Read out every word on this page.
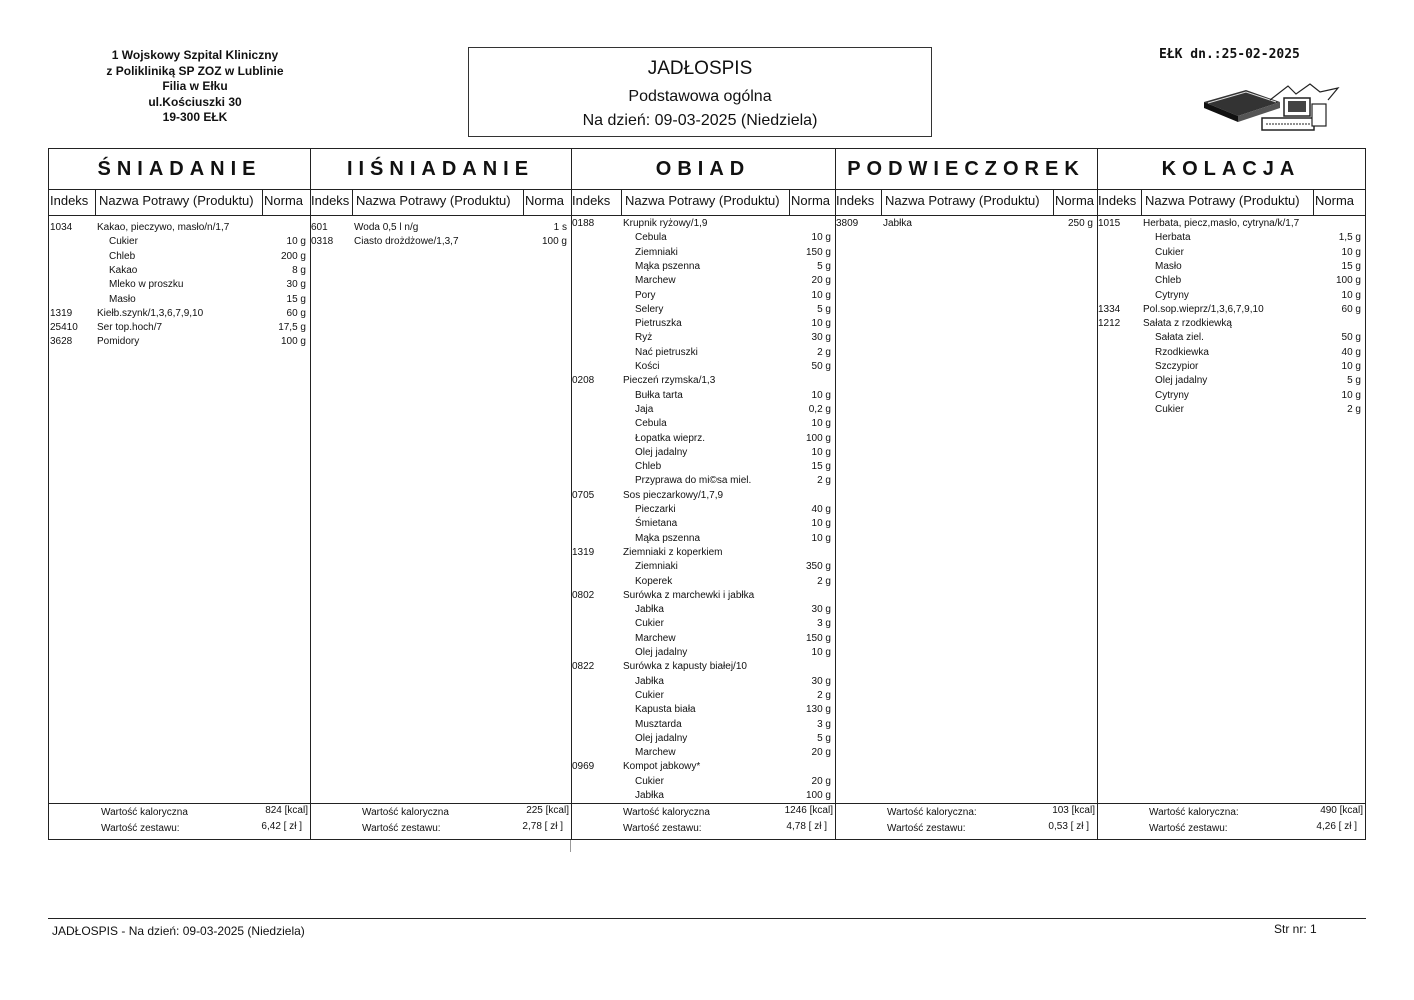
1 Wojskowy Szpital Kliniczny
z Polikliniką SP ZOZ w Lublinie
Filia w Ełku
ul.Kościuszki 30
19-300 EŁK
JADŁOSPIS
Podstawowa ogólna
Na dzień: 09-03-2025 (Niedziela)
EŁK dn.:25-02-2025
ŚNIADANIE
Indeks Nazwa Potrawy (Produktu) Norma
1034 Kakao, pieczywo, masło/n/1,7
Cukier	10 g
Chleb	200 g
Kakao	8 g
Mleko w proszku	30 g
Masło	15 g
1319 Kiełb.szynk/1,3,6,7,9,10	60 g
25410 Ser top.hoch/7	17,5 g
3628 Pomidory	100 g
Wartość kaloryczna	824 [kcal]
Wartość zestawu:	6,42 [ zł ]
IIŚNIADANIE
Indeks Nazwa Potrawy (Produktu) Norma
601	Woda 0,5 l n/g	1 s
0318 Ciasto drożdżowe/1,3,7	100 g
Wartość kaloryczna	225 [kcal]
Wartość zestawu:	2,78 [ zł ]
OBIAD
Indeks Nazwa Potrawy (Produktu) Norma
0188	Krupnik ryżowy/1,9
Cebula	10 g
Ziemniaki	150 g
Mąka pszenna	5 g
Marchew	20 g
Pory	10 g
Selery	5 g
Pietruszka	10 g
Ryż	30 g
Nać pietruszki	2 g
Kości	50 g
0208	Pieczeń rzymska/1,3
Bułka tarta	10 g
Jaja	0,2 g
Cebula	10 g
Łopatka wieprz.	100 g
Olej jadalny	10 g
Chleb	15 g
Przyprawa do mi©sa miel.	2 g
0705	Sos pieczarkowy/1,7,9
Pieczarki	40 g
Śmietana	10 g
Mąka pszenna	10 g
1319	Ziemniaki z koperkiem
Ziemniaki	350 g
Koperek	2 g
0802	Surówka z marchewki i jabłka
Jabłka	30 g
Cukier	3 g
Marchew	150 g
Olej jadalny	10 g
0822	Surówka z kapusty białej/10
Jabłka	30 g
Cukier	2 g
Kapusta biała	130 g
Musztarda	3 g
Olej jadalny	5 g
Marchew	20 g
0969	Kompot jabkowy*
Cukier	20 g
Jabłka	100 g
Wartość kaloryczna	1246 [kcal]
Wartość zestawu:	4,78 [ zł ]
PODWIECZOREK
Indeks Nazwa Potrawy (Produktu) Norma
3809 Jabłka	250 g
Wartość kaloryczna:	103 [kcal]
Wartość zestawu:	0,53 [ zł ]
KOLACJA
Indeks Nazwa Potrawy (Produktu) Norma
1015 Herbata, piecz,masło, cytryna/k/1,7
Herbata	1,5 g
Cukier	10 g
Masło	15 g
Chleb	100 g
Cytryny	10 g
1334 Pol.sop.wieprz/1,3,6,7,9,10	60 g
1212 Sałata z rzodkiewką
Sałata ziel.	50 g
Rzodkiewka	40 g
Szczypior	10 g
Olej jadalny	5 g
Cytryny	10 g
Cukier	2 g
Wartość kaloryczna:	490 [kcal]
Wartość zestawu:	4,26 [ zł ]
JADŁOSPIS - Na dzień: 09-03-2025 (Niedziela)	Str nr: 1
